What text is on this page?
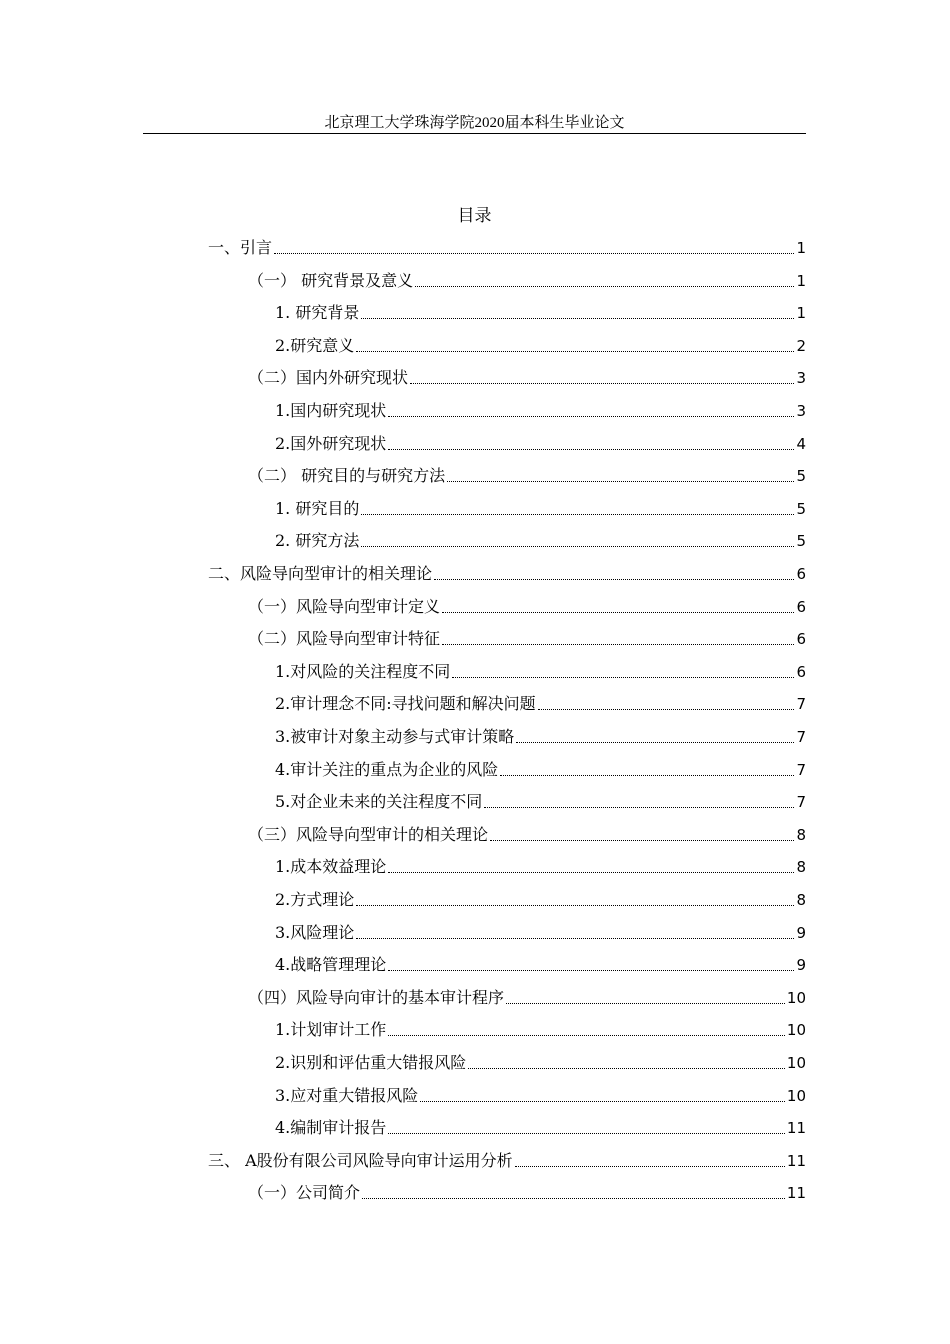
北京理工大学珠海学院2020届本科生毕业论文
目录
一、引言	1
（一） 研究背景及意义	1
1. 研究背景	1
2.研究意义	2
（二）国内外研究现状	3
1.国内研究现状	3
2.国外研究现状	4
（二） 研究目的与研究方法	5
1. 研究目的	5
2. 研究方法	5
二、风险导向型审计的相关理论	6
（一）风险导向型审计定义	6
（二）风险导向型审计特征	6
1.对风险的关注程度不同	6
2.审计理念不同:寻找问题和解决问题	7
3.被审计对象主动参与式审计策略	7
4.审计关注的重点为企业的风险	7
5.对企业未来的关注程度不同	7
（三）风险导向型审计的相关理论	8
1.成本效益理论	8
2.方式理论	8
3.风险理论	9
4.战略管理理论	9
（四）风险导向审计的基本审计程序	10
1.计划审计工作	10
2.识别和评估重大错报风险	10
3.应对重大错报风险	10
4.编制审计报告	11
三、 A股份有限公司风险导向审计运用分析	11
（一）公司简介	11
